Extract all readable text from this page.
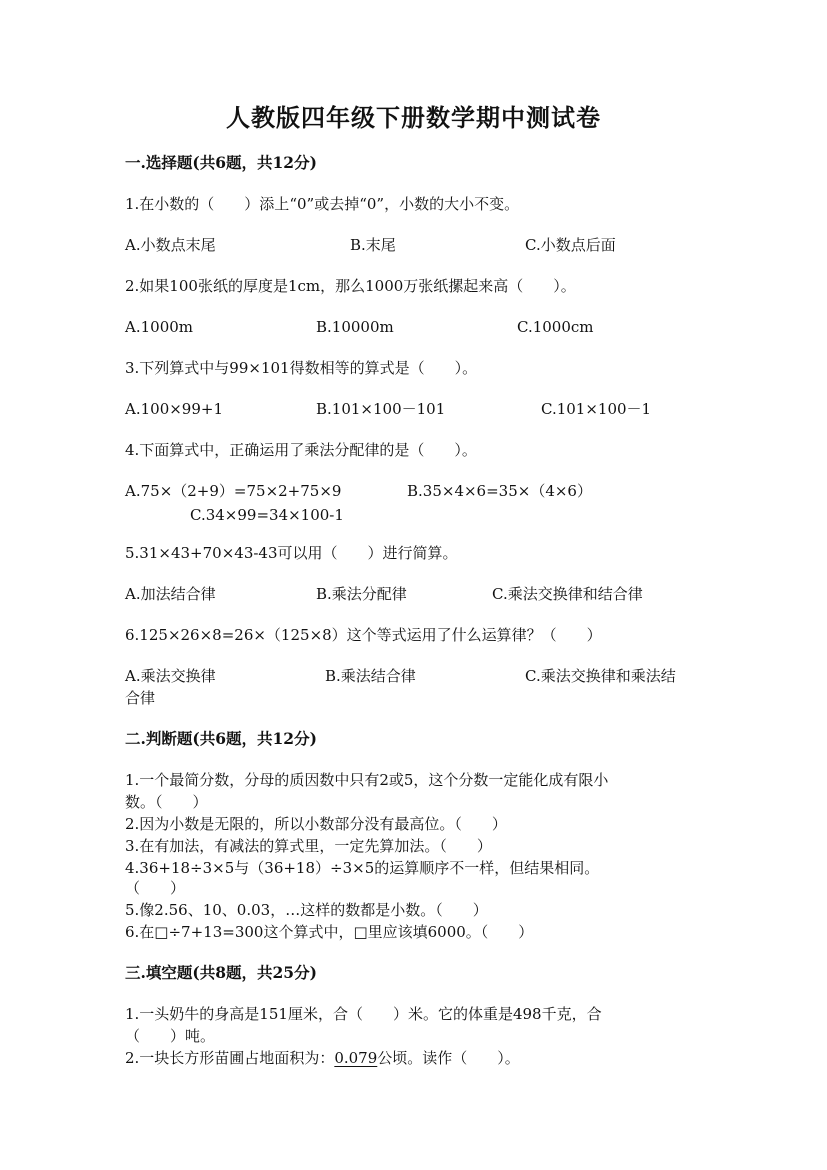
人教版四年级下册数学期中测试卷
一.选择题(共6题，共12分)
1.在小数的（　　）添上“0”或去掉“0”，小数的大小不变。
A.小数点末尾	B.末尾	C.小数点后面
2.如果100张纸的厚度是1cm，那么1000万张纸摞起来高（　　）。
A.1000m	B.10000m	C.1000cm
3.下列算式中与99×101得数相等的算式是（　　）。
A.100×99+1	B.101×100－101	C.101×100－1
4.下面算式中，正确运用了乘法分配律的是（　　）。
A.75×（2+9）=75×2+75×9	B.35×4×6=35×（4×6）
C.34×99=34×100-1
5.31×43+70×43-43可以用（　　）进行简算。
A.加法结合律	B.乘法分配律	C.乘法交换律和结合律
6.125×26×8=26×（125×8）这个等式运用了什么运算律？（　　）
A.乘法交换律	B.乘法结合律	C.乘法交换律和乘法结
合律
二.判断题(共6题，共12分)
1.一个最简分数，分母的质因数中只有2或5，这个分数一定能化成有限小
数。（　　）
2.因为小数是无限的，所以小数部分没有最高位。（　　）
3.在有加法，有减法的算式里，一定先算加法。（　　）
4.36+18÷3×5与（36+18）÷3×5的运算顺序不一样，但结果相同。
（　　）
5.像2.56、10、0.03，…这样的数都是小数。（　　）
6.在□÷7+13=300这个算式中，□里应该填6000。（　　）
三.填空题(共8题，共25分)
1.一头奶牛的身高是151厘米，合（　　）米。它的体重是498千克，合
（　　）吨。
2.一块长方形苗圃占地面积为：0.079公顷。读作（　　）。
